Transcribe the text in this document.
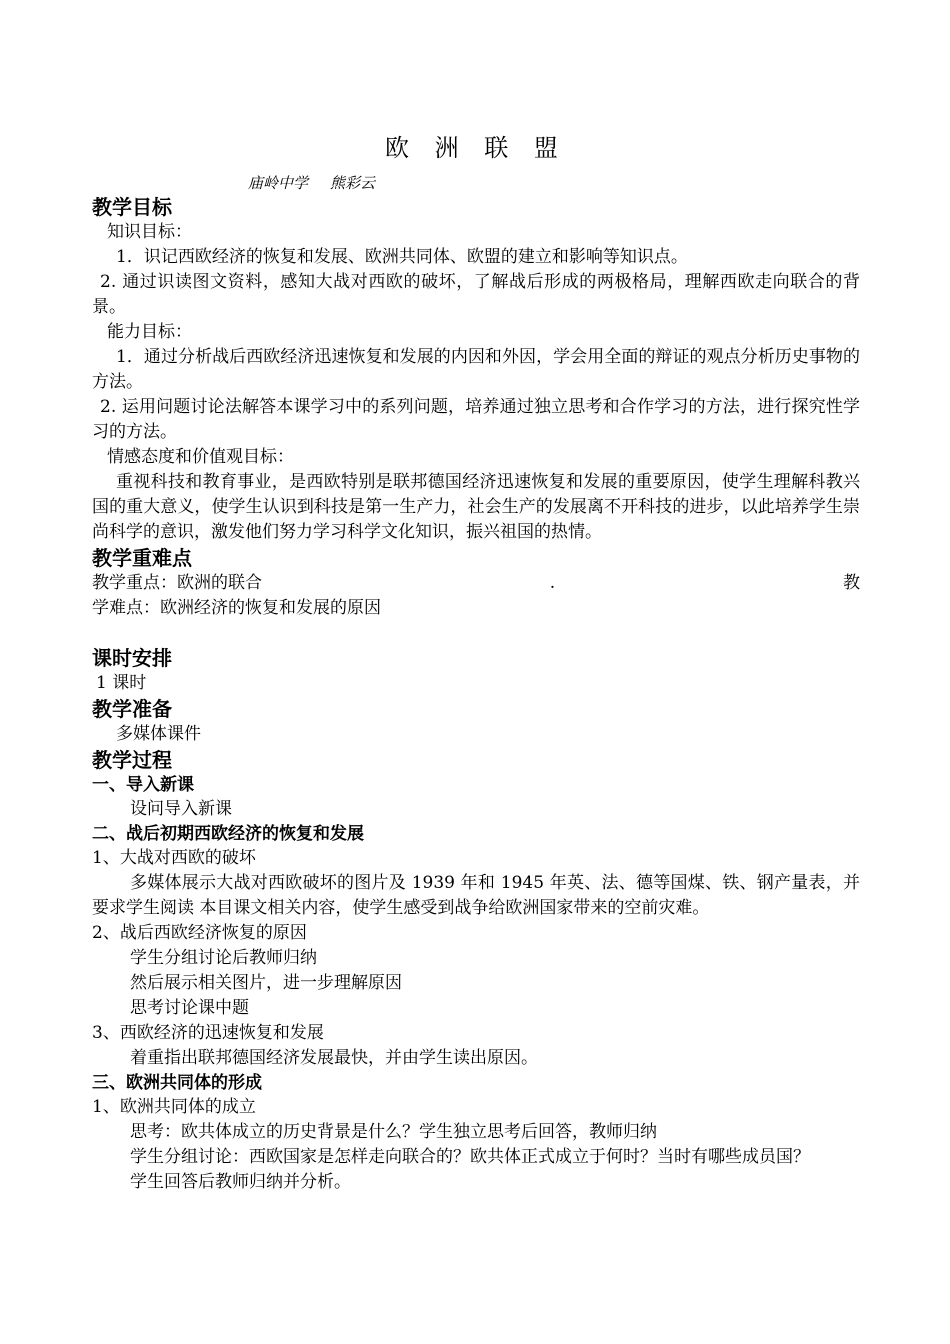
欧 洲 联 盟
庙岭中学 熊彩云
教学目标

知识目标：

1．识记西欧经济的恢复和发展、欧洲共同体、欧盟的建立和影响等知识点。

2. 通过识读图文资料，感知大战对西欧的破坏，了解战后形成的两极格局，理解西欧走向联合的背景。

能力目标：

1．通过分析战后西欧经济迅速恢复和发展的内因和外因，学会用全面的辩证的观点分析历史事物的方法。

2. 运用问题讨论法解答本课学习中的系列问题，培养通过独立思考和合作学习的方法，进行探究性学习的方法。

情感态度和价值观目标：

重视科技和教育事业，是西欧特别是联邦德国经济迅速恢复和发展的重要原因，使学生理解科教兴国的重大意义，使学生认识到科技是第一生产力，社会生产的发展离不开科技的进步，以此培养学生崇尚科学的意识，激发他们努力学习科学文化知识，振兴祖国的热情。

教学重难点
教学重点：欧洲的联合	.	教

学难点：欧洲经济的恢复和发展的原因

课时安排

1 课时

教学准备

多媒体课件

教学过程
一、导入新课

设问导入新课

二、战后初期西欧经济的恢复和发展

1、大战对西欧的破坏

多媒体展示大战对西欧破坏的图片及 1939 年和 1945 年英、法、德等国煤、铁、钢产量表，并要求学生阅读 本目课文相关内容，使学生感受到战争给欧洲国家带来的空前灾难。

2、战后西欧经济恢复的原因

学生分组讨论后教师归纳

然后展示相关图片，进一步理解原因

思考讨论课中题

3、西欧经济的迅速恢复和发展

着重指出联邦德国经济发展最快，并由学生读出原因。

三、欧洲共同体的形成

1、欧洲共同体的成立

思考：欧共体成立的历史背景是什么？学生独立思考后回答，教师归纳

学生分组讨论：西欧国家是怎样走向联合的？欧共体正式成立于何时？当时有哪些成员国？

学生回答后教师归纳并分析。
